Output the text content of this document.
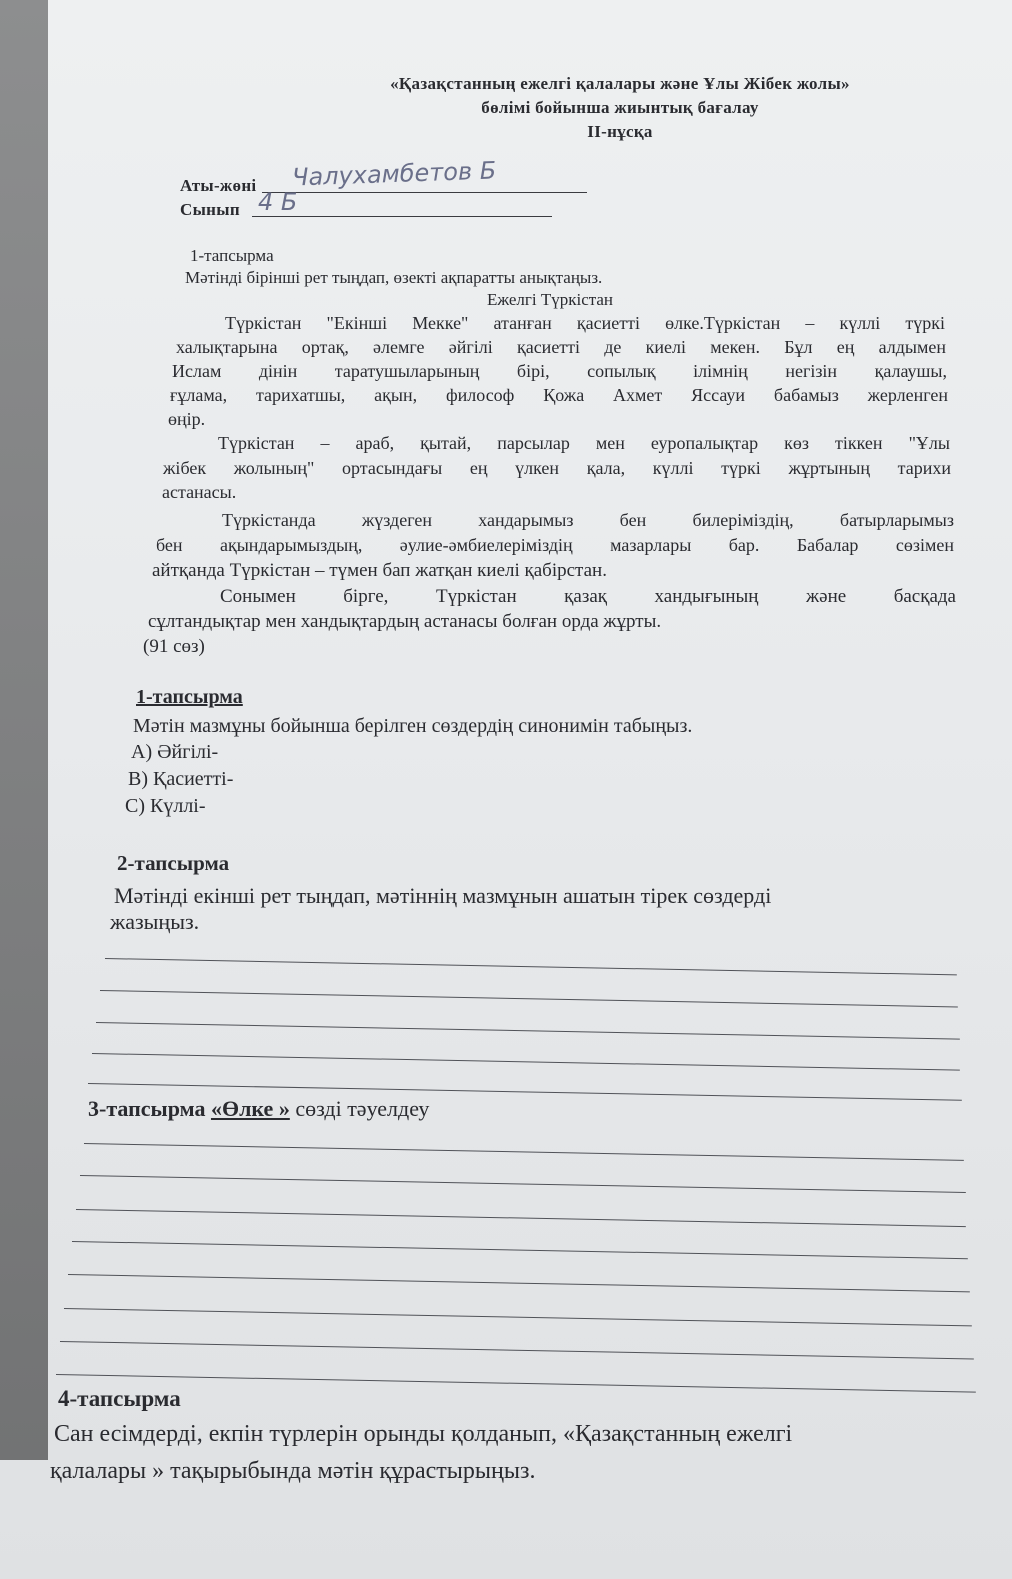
«Қазақстанның ежелгі қалалары және Ұлы Жібек жолы»
бөлімі бойынша жиынтық бағалау
ІІ-нұсқа
Аты-жөні Чалухамбетов Б
Сынып 4 Б
1-тапсырма
Мәтінді бірінші рет тыңдап, өзекті ақпаратты анықтаңыз.
Ежелгі Түркістан
Түркістан "Екінші Мекке" атанған қасиетті өлке.Түркістан – күллі түркі
халықтарына ортақ, әлемге әйгілі қасиетті де киелі мекен. Бұл ең алдымен
Ислам дінін таратушыларының бірі, сопылық ілімнің негізін қалаушы,
ғұлама, тарихатшы, ақын, философ Қожа Ахмет Яссауи бабамыз жерленген
өңір.
Түркістан – араб, қытай, парсылар мен еуропалықтар көз тіккен "Ұлы
жібек жолының" ортасындағы ең үлкен қала, күллі түркі жұртының тарихи
астанасы.
Түркістанда жүздеген хандарымыз бен билеріміздің, батырларымыз
бен ақындарымыздың, әулие-әмбиелеріміздің мазарлары бар. Бабалар сөзімен
айтқанда Түркістан – түмен бап жатқан киелі қабірстан.
Сонымен бірге, Түркістан қазақ хандығының және басқада
сұлтандықтар мен хандықтардың астанасы болған орда жұрты.
(91 сөз)
1-тапсырма
Мәтін мазмұны бойынша берілген сөздердің синонимін табыңыз.
А) Әйгілі-
В) Қасиетті-
С) Күллі-
2-тапсырма
Мәтінді екінші рет тыңдап, мәтіннің мазмұнын ашатын тірек сөздерді
жазыңыз.
3-тапсырма «Өлке » сөзді тәуелдеу
4-тапсырма
Сан есімдерді, екпін түрлерін орынды қолданып, «Қазақстанның ежелгі
қалалары » тақырыбында мәтін құрастырыңыз.
